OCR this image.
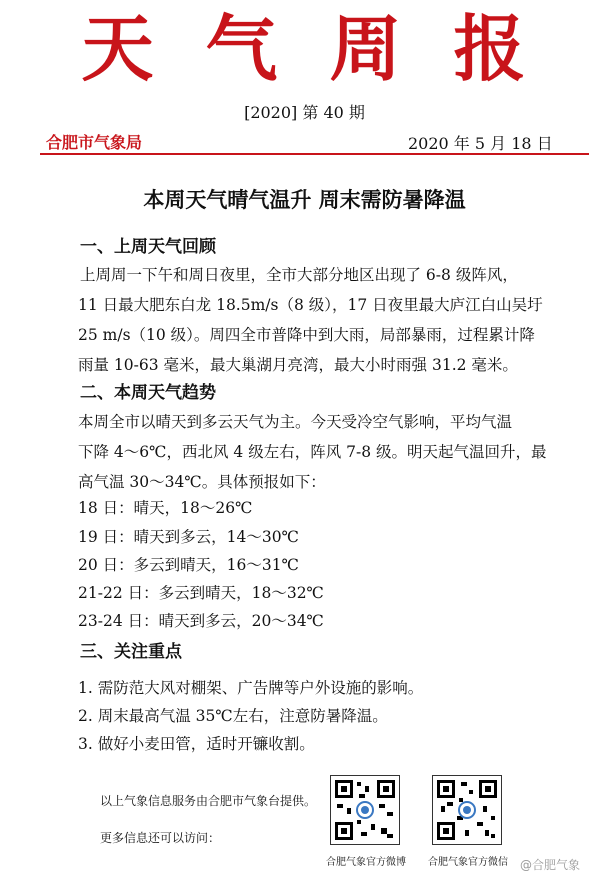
天 气 周 报
[2020] 第 40 期
合肥市气象局	2020 年 5 月 18 日
本周天气晴气温升 周末需防暑降温
一、上周天气回顾
上周周一下午和周日夜里，全市大部分地区出现了 6-8 级阵风，
11 日最大肥东白龙 18.5m/s（8 级），17 日夜里最大庐江白山吴圩
25 m/s（10 级）。周四全市普降中到大雨，局部暴雨，过程累计降
雨量 10-63 毫米，最大巢湖月亮湾，最大小时雨强 31.2 毫米。
二、本周天气趋势
本周全市以晴天到多云天气为主。今天受冷空气影响，平均气温
下降 4～6℃，西北风 4 级左右，阵风 7-8 级。明天起气温回升，最
高气温 30～34℃。具体预报如下：
18 日：晴天，18～26℃
19 日：晴天到多云，14～30℃
20 日：多云到晴天，16～31℃
21-22 日：多云到晴天，18～32℃
23-24 日：晴天到多云，20～34℃
三、关注重点
1. 需防范大风对棚架、广告牌等户外设施的影响。
2. 周末最高气温 35℃左右，注意防暑降温。
3. 做好小麦田管，适时开镰收割。
以上气象信息服务由合肥市气象台提供。
更多信息还可以访问：
合肥气象官方微博 合肥气象官方微信 @合肥气象
